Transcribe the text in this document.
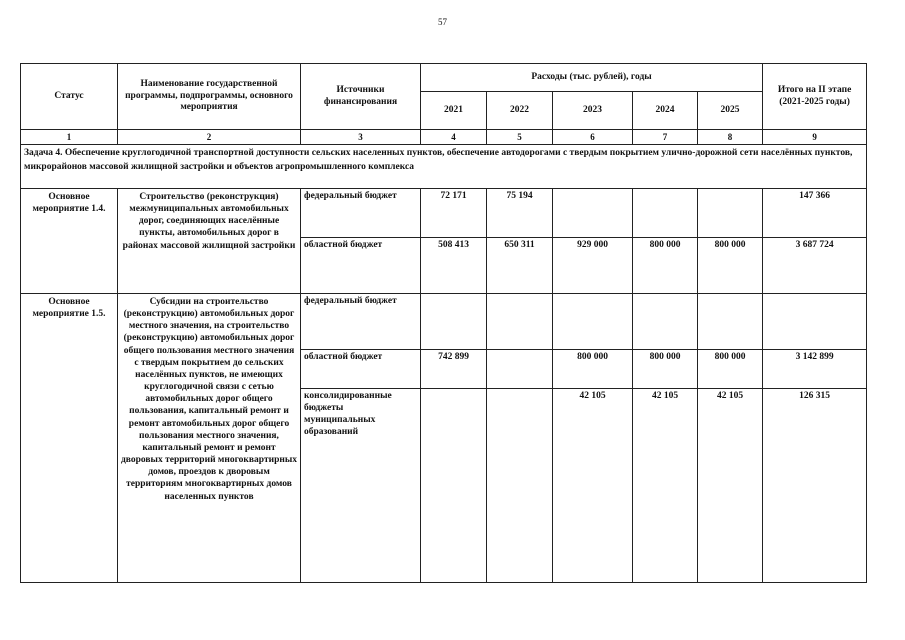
57
Статус	Наименование государственной программы, подпрограммы, основного мероприятия	Источники финансирования	Расходы (тыс. рублей), годы					Итого на II этапе (2021-2025 годы)
			2021	2022	2023	2024	2025	
1	2	3	4	5	6	7	8	9
Задача 4. Обеспечение круглогодичной транспортной доступности сельских населенных пунктов, обеспечение автодорогами с твердым покрытием улично-дорожной сети населённых пунктов, микрорайонов массовой жилищной застройки и объектов агропромышленного комплекса								
Основное мероприятие 1.4.	Строительство (реконструкция) межмуниципальных автомобильных дорог, соединяющих населённые пункты, автомобильных дорог в районах массовой жилищной застройки	федеральный бюджет	72 171	75 194				147 366
		областной бюджет	508 413	650 311	929 000	800 000	800 000	3 687 724
Основное мероприятие 1.5.	Субсидии на строительство (реконструкцию) автомобильных дорог местного значения, на строительство (реконструкцию) автомобильных дорог общего пользования местного значения с твердым покрытием до сельских населённых пунктов, не имеющих круглогодичной связи с сетью автомобильных дорог общего пользования, капитальный ремонт и ремонт автомобильных дорог общего пользования местного значения, капитальный ремонт и ремонт дворовых территорий многоквартирных домов, проездов к дворовым территориям многоквартирных домов населенных пунктов	федеральный бюджет						
		областной бюджет	742 899		800 000	800 000	800 000	3 142 899
		консолидированные бюджеты муниципальных образований			42 105	42 105	42 105	126 315
